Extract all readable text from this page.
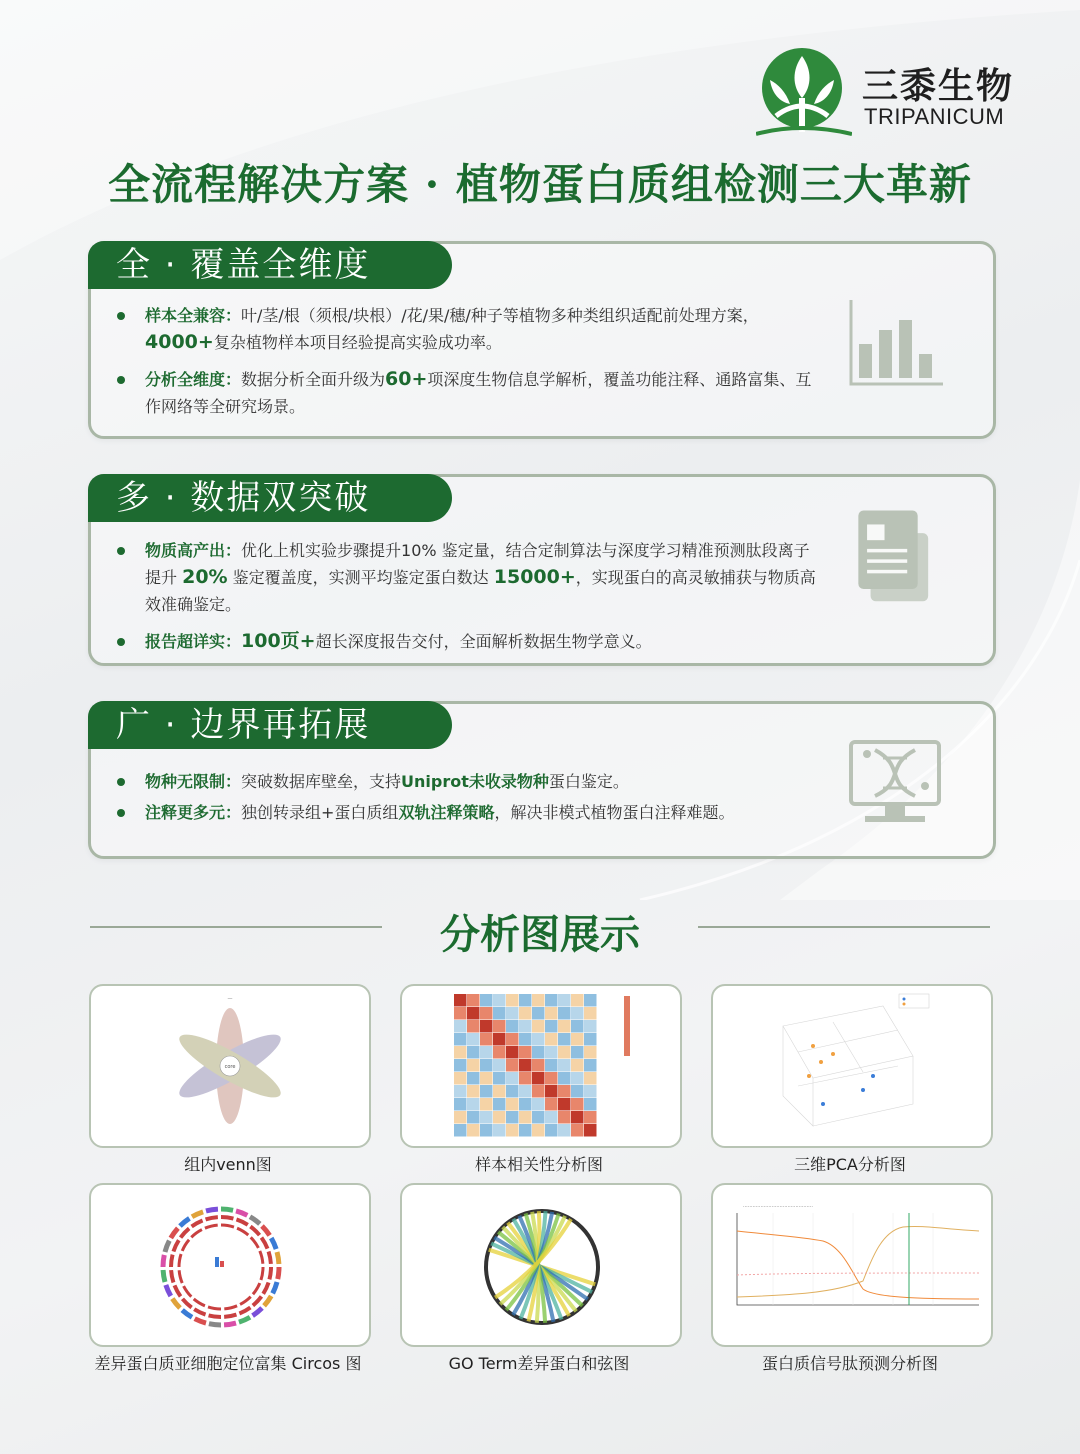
三黍生物
TRIPANICUM
全流程解决方案 · 植物蛋白质组检测三大革新
全 · 覆盖全维度
样本全兼容：叶/茎/根（须根/块根）/花/果/穗/种子等植物多种类组织适配前处理方案，4000+复杂植物样本项目经验提高实验成功率。
分析全维度：数据分析全面升级为60+项深度生物信息学解析，覆盖功能注释、通路富集、互作网络等全研究场景。
多 · 数据双突破
物质高产出：优化上机实验步骤提升10% 鉴定量，结合定制算法与深度学习精准预测肽段离子提升 20% 鉴定覆盖度，实测平均鉴定蛋白数达 15000+，实现蛋白的高灵敏捕获与物质高效准确鉴定。
报告超详实：100页+超长深度报告交付，全面解析数据生物学意义。
广 · 边界再拓展
物种无限制：突破数据库壁垒，支持Uniprot未收录物种蛋白鉴定。
注释更多元：独创转录组+蛋白质组双轨注释策略，解决非模式植物蛋白注释难题。
分析图展示
core
—
组内venn图	样本相关性分析图	三维PCA分析图
差异蛋白质亚细胞定位富集 Circos 图	GO Term差异蛋白和弦图
............................................
蛋白质信号肽预测分析图
